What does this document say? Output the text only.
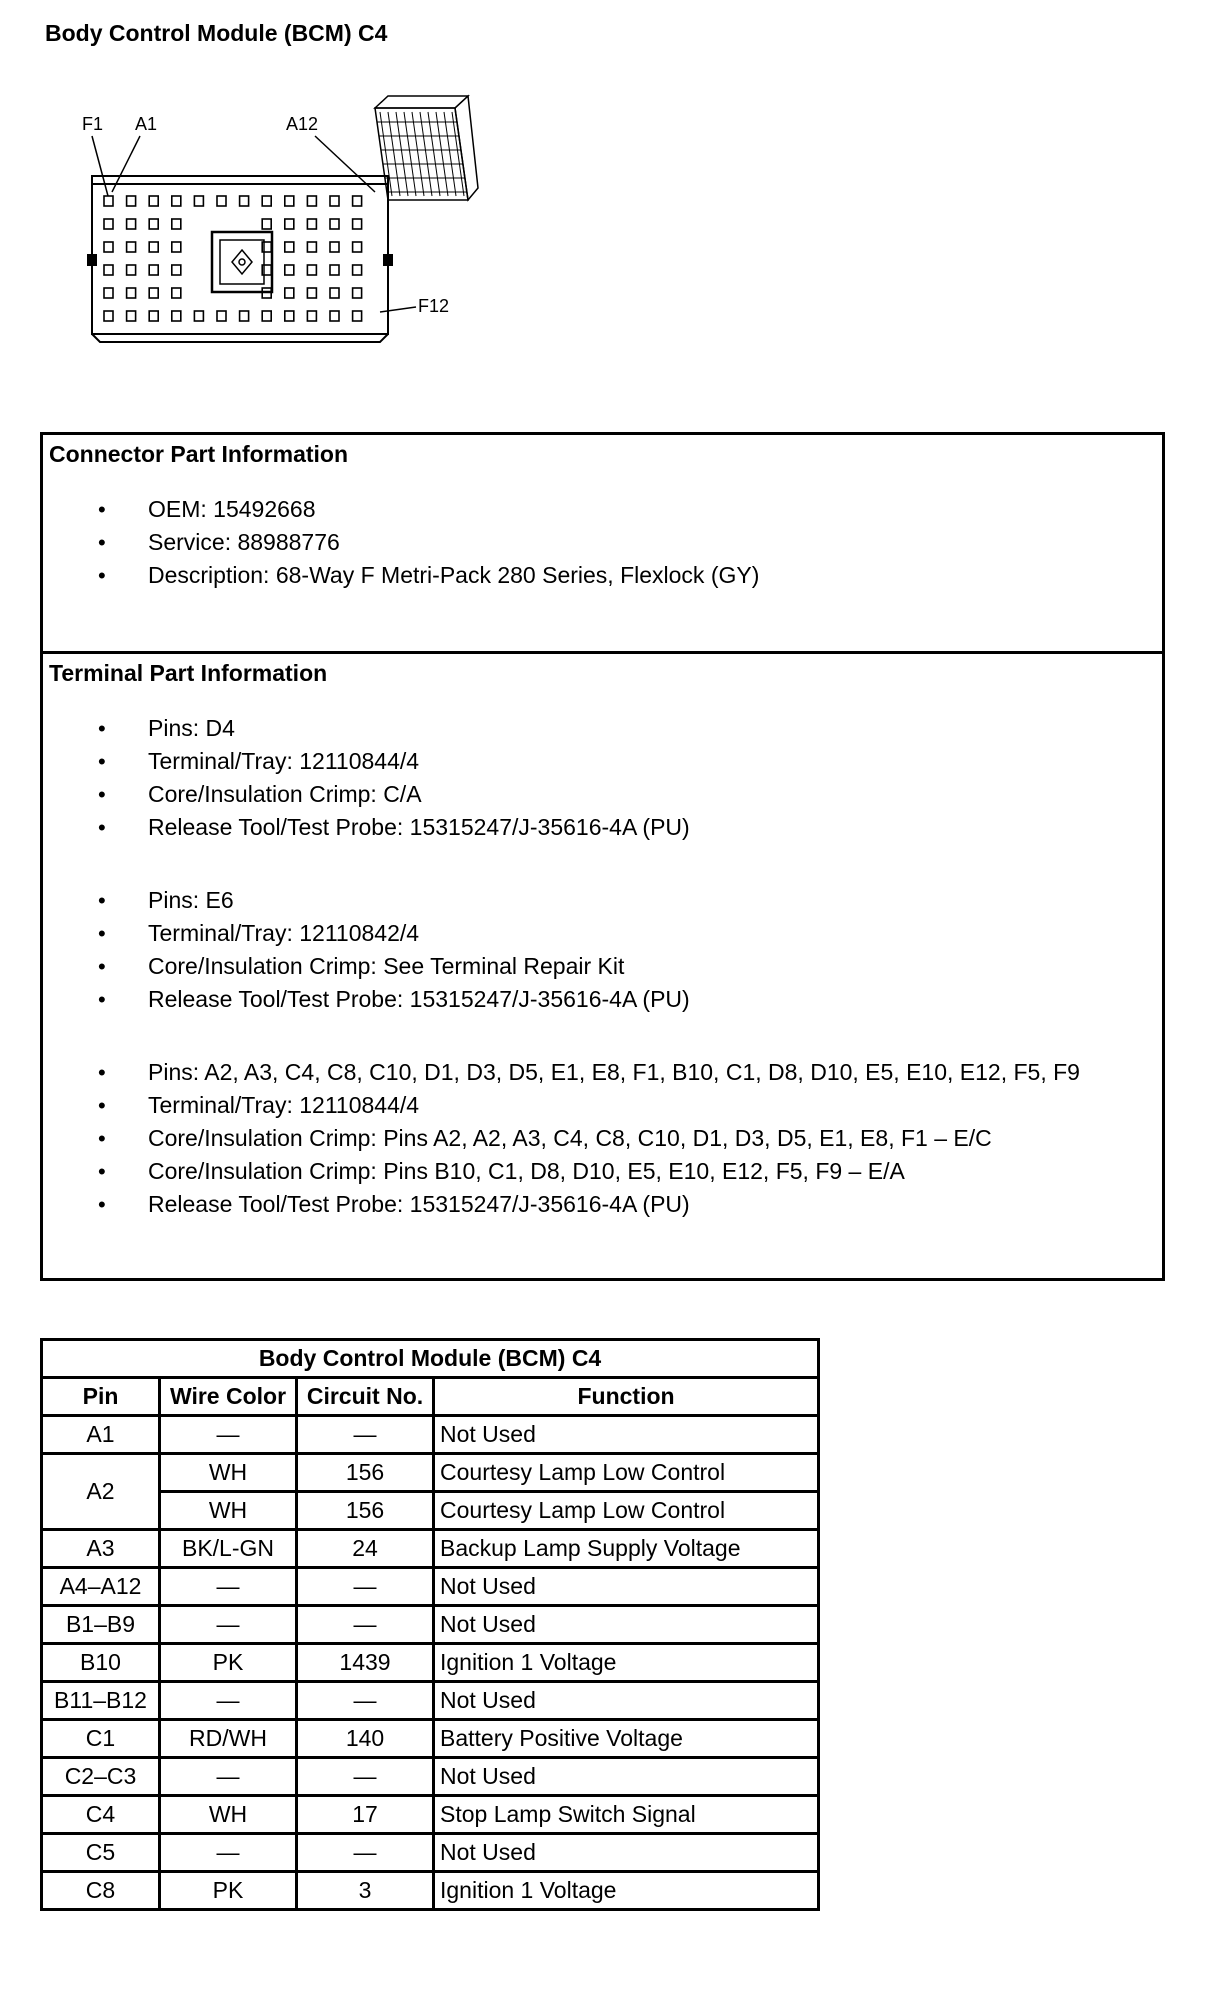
Body Control Module (BCM) C4
F1 A1	A12
F12
Connector Part Information
• OEM: 15492668
• Service: 88988776
• Description: 68-Way F Metri-Pack 280 Series, Flexlock (GY)
Terminal Part Information
• Pins: D4
• Terminal/Tray: 12110844/4
• Core/Insulation Crimp: C/A
• Release Tool/Test Probe: 15315247/J-35616-4A (PU)
• Pins: E6
• Terminal/Tray: 12110842/4
• Core/Insulation Crimp: See Terminal Repair Kit
• Release Tool/Test Probe: 15315247/J-35616-4A (PU)
• Pins: A2, A3, C4, C8, C10, D1, D3, D5, E1, E8, F1, B10, C1, D8, D10, E5, E10, E12, F5, F9
• Terminal/Tray: 12110844/4
• Core/Insulation Crimp: Pins A2, A2, A3, C4, C8, C10, D1, D3, D5, E1, E8, F1 – E/C
• Core/Insulation Crimp: Pins B10, C1, D8, D10, E5, E10, E12, F5, F9 – E/A
• Release Tool/Test Probe: 15315247/J-35616-4A (PU)
Body Control Module (BCM) C4			
Pin	Wire Color	Circuit No.	Function
A1	—	—	Not Used
A2	WH	156	Courtesy Lamp Low Control
	WH	156	Courtesy Lamp Low Control
A3	BK/L-GN	24	Backup Lamp Supply Voltage
A4–A12	—	—	Not Used
B1–B9	—	—	Not Used
B10	PK	1439	Ignition 1 Voltage
B11–B12	—	—	Not Used
C1	RD/WH	140	Battery Positive Voltage
C2–C3	—	—	Not Used
C4	WH	17	Stop Lamp Switch Signal
C5	—	—	Not Used
C8	PK	3	Ignition 1 Voltage
